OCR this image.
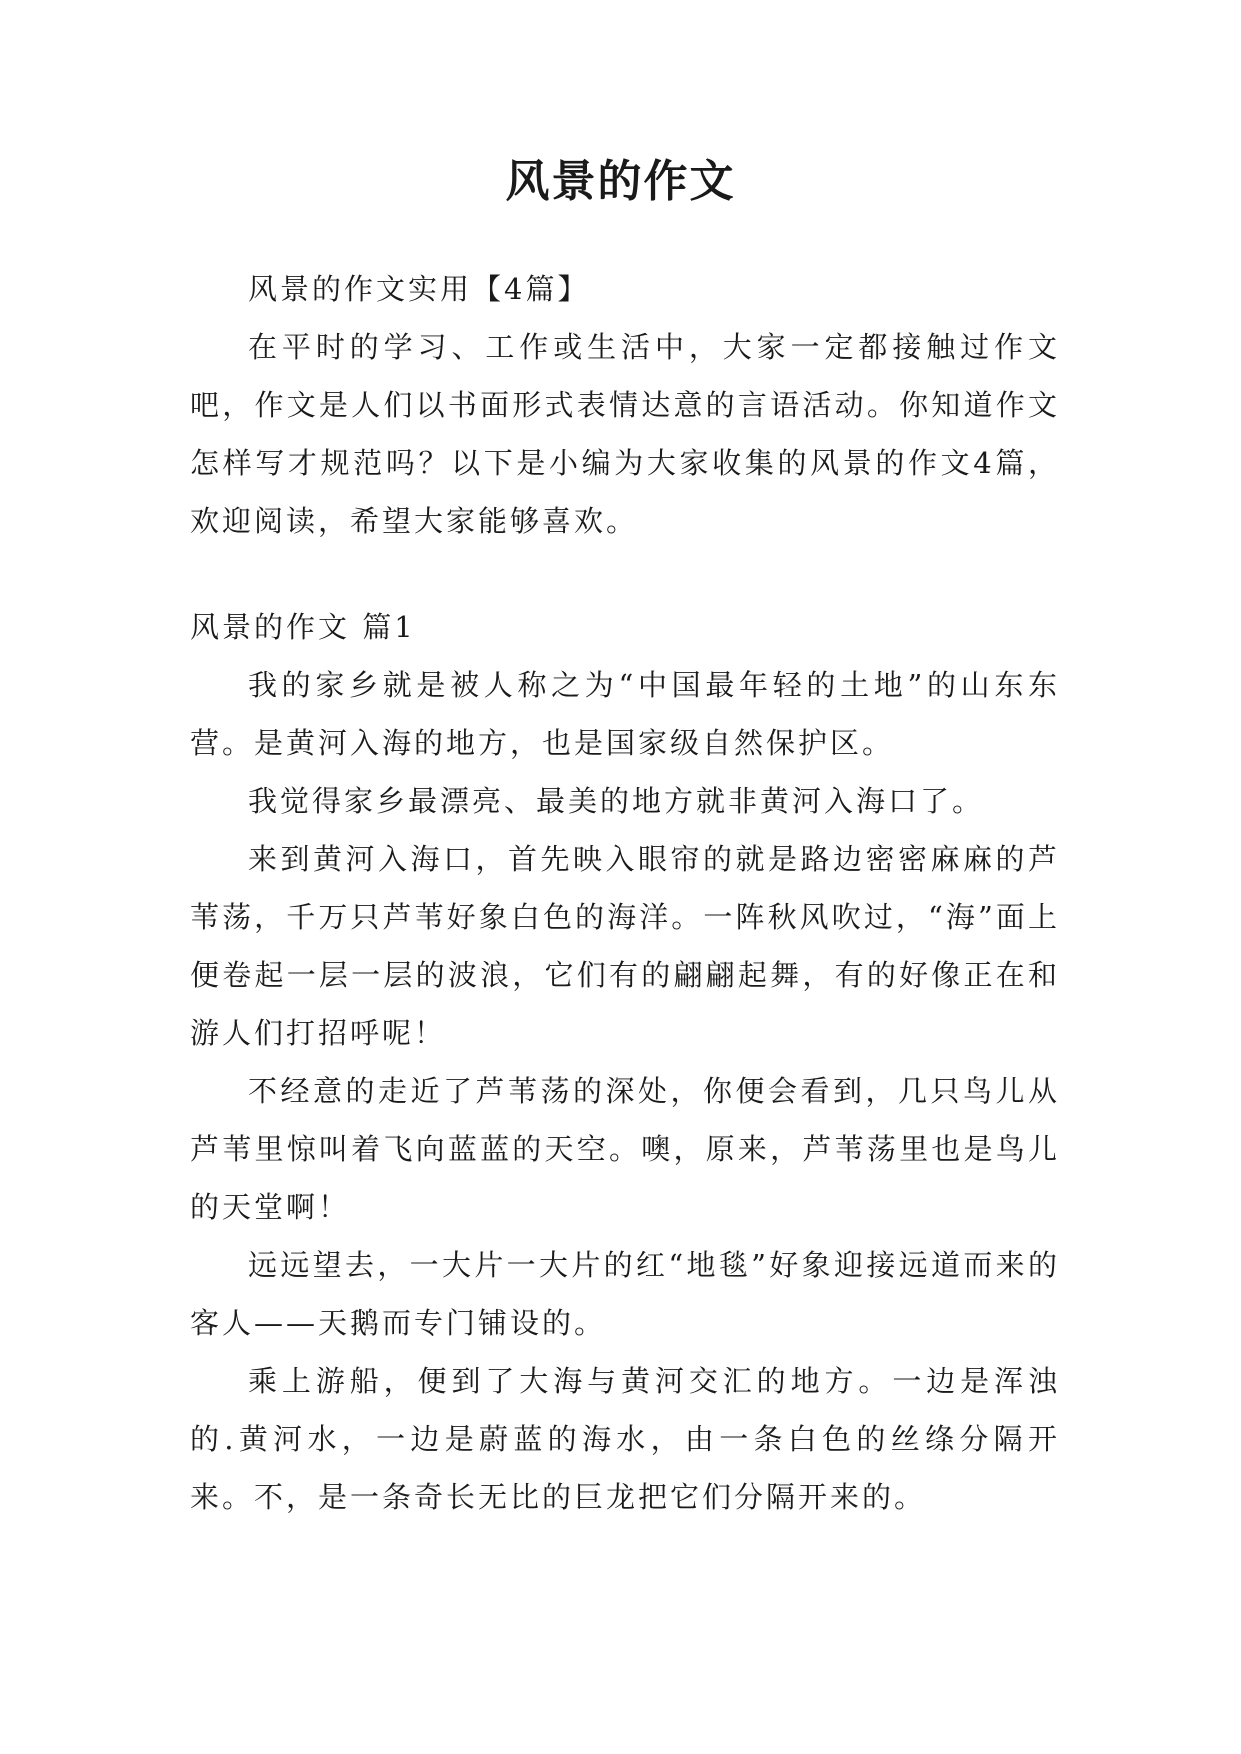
风景的作文

风景的作文实用【4篇】

在平时的学习、工作或生活中，大家一定都接触过作文吧，作文是人们以书面形式表情达意的言语活动。你知道作文怎样写才规范吗？以下是小编为大家收集的风景的作文4篇，欢迎阅读，希望大家能够喜欢。

风景的作文 篇1

我的家乡就是被人称之为“中国最年轻的土地”的山东东营。是黄河入海的地方，也是国家级自然保护区。

我觉得家乡最漂亮、最美的地方就非黄河入海口了。

来到黄河入海口，首先映入眼帘的就是路边密密麻麻的芦苇荡，千万只芦苇好象白色的海洋。一阵秋风吹过，“海”面上便卷起一层一层的波浪，它们有的翩翩起舞，有的好像正在和游人们打招呼呢！

不经意的走近了芦苇荡的深处，你便会看到，几只鸟儿从芦苇里惊叫着飞向蓝蓝的天空。噢，原来，芦苇荡里也是鸟儿的天堂啊！

远远望去，一大片一大片的红“地毯”好象迎接远道而来的客人——天鹅而专门铺设的。

乘上游船，便到了大海与黄河交汇的地方。一边是浑浊的.黄河水，一边是蔚蓝的海水，由一条白色的丝绦分隔开来。不，是一条奇长无比的巨龙把它们分隔开来的。
